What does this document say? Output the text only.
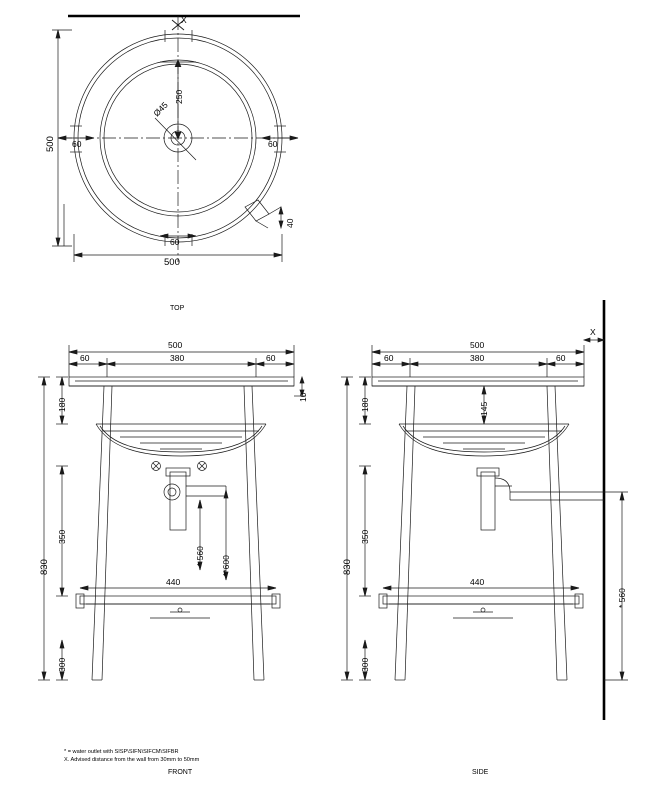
X
250
Ø45
60	60
60
500
500
40
TOP
500
60	380	60
180
10
350
830
300
440
* 560 **600
FRONT
500
X
60	380	60
180	145
350
830
300
440
* 560
SIDE
* = water outlet with SISP\SIFN\SIFCM\SIFBR
X. Advised distance from the wall from 30mm to 50mm
